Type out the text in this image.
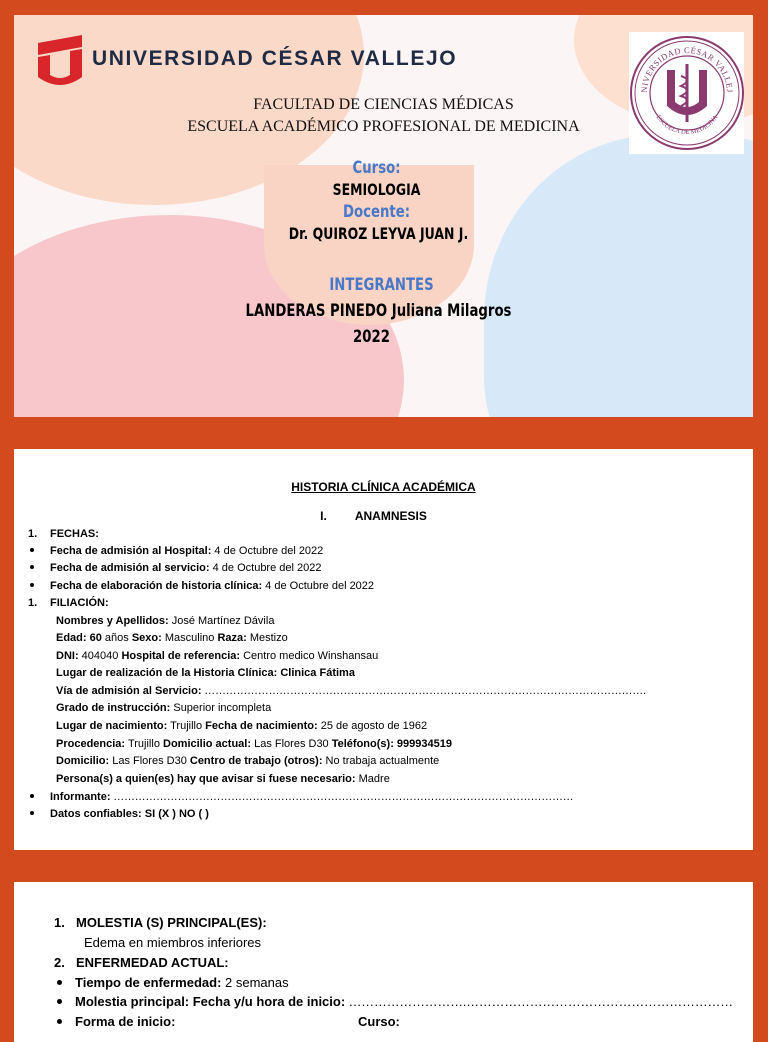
UNIVERSIDAD CÉSAR VALLEJO
NIVERSIDAD CÉSAR VALLEJ
ESCUELA DE MEDICINA
FACULTAD DE CIENCIAS MÉDICAS
ESCUELA ACADÉMICO PROFESIONAL DE MEDICINA
Curso:
SEMIOLOGIA
Docente:
Dr. QUIROZ LEYVA JUAN J.
INTEGRANTES
LANDERAS PINEDO Juliana Milagros
2022
HISTORIA CLÍNICA ACADÉMICA
I. ANAMNESIS
1. FECHAS:
Fecha de admisión al Hospital: 4 de Octubre del 2022
Fecha de admisión al servicio: 4 de Octubre del 2022
Fecha de elaboración de historia clínica: 4 de Octubre del 2022
1. FILIACIÓN:
Nombres y Apellidos: José Martínez Dávila
Edad: 60 años Sexo: Masculino Raza: Mestizo
DNI: 404040 Hospital de referencia: Centro medico Winshansau
Lugar de realización de la Historia Clínica: Clinica Fátima
Vía de admisión al Servicio: …………………………………………………………………………………………………………….
Grado de instrucción: Superior incompleta
Lugar de nacimiento: Trujillo Fecha de nacimiento: 25 de agosto de 1962
Procedencia: Trujillo Domicilio actual: Las Flores D30 Teléfono(s): 999934519
Domicilio: Las Flores D30 Centro de trabajo (otros): No trabaja actualmente
Persona(s) a quien(es) hay que avisar si fuese necesario: Madre
Informante: …………………………………………………………………………………………………………………
Datos confiables: SI (X ) NO ( )
1. MOLESTIA (S) PRINCIPAL(ES):
Edema en miembros inferiores
2. ENFERMEDAD ACTUAL:
Tiempo de enfermedad: 2 semanas
Molestia principal: Fecha y/u hora de inicio: ……………………….………………………………………………………
Forma de inicio:	Curso:
